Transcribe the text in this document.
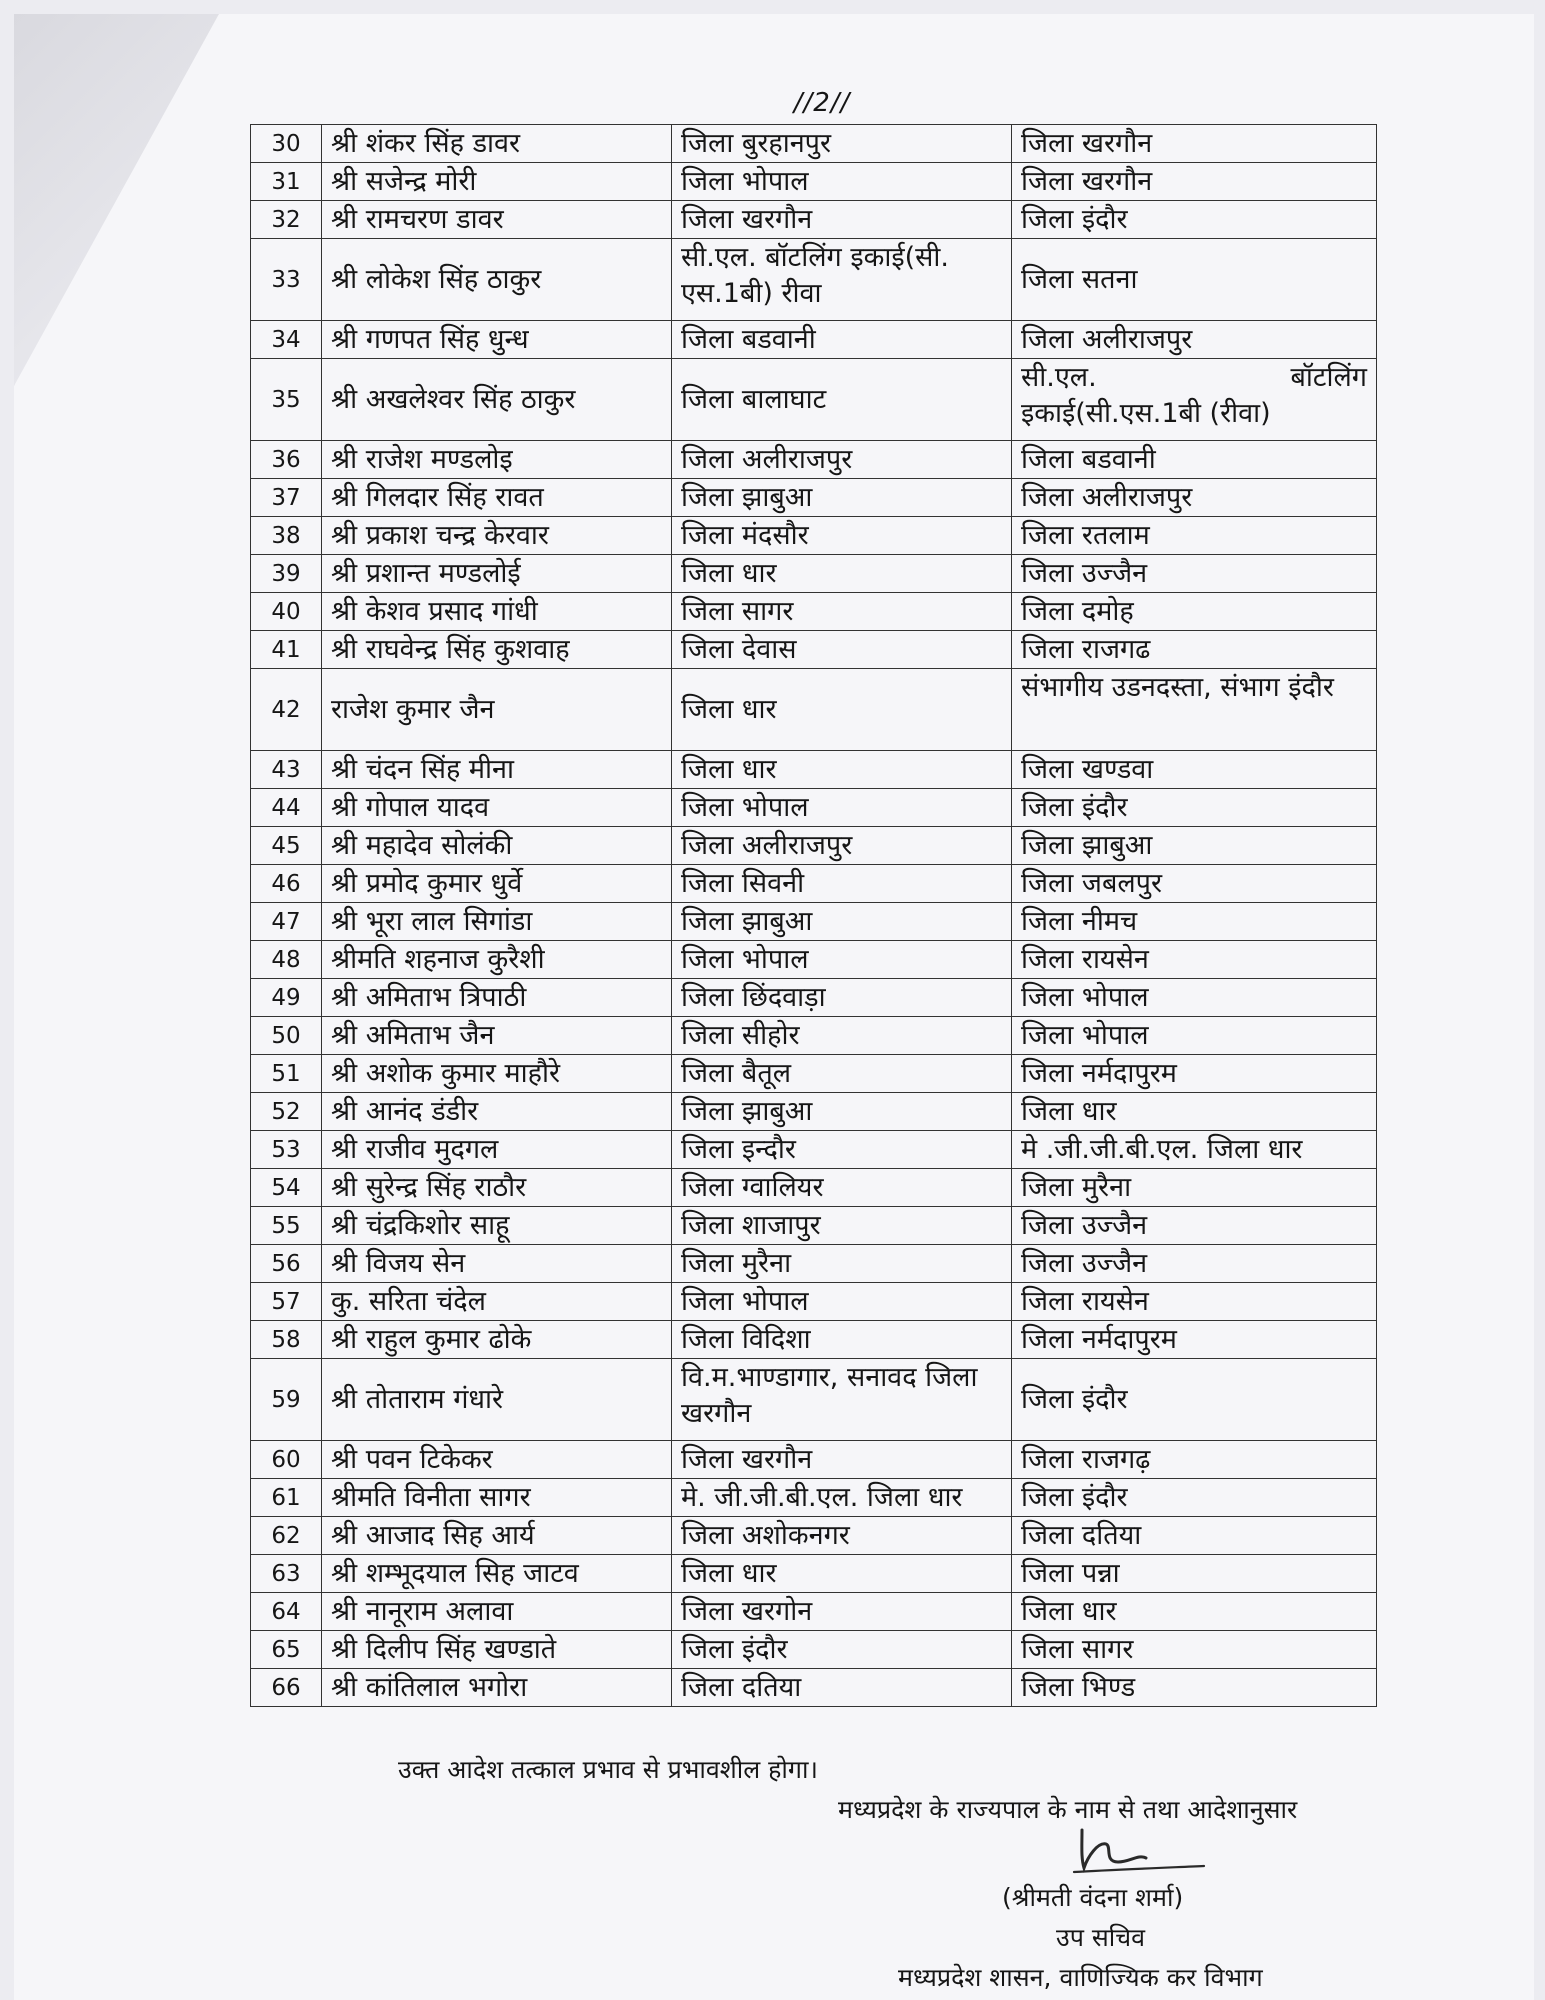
//2//
30	श्री शंकर सिंह डावर	जिला बुरहानपुर	जिला खरगौन
31	श्री सजेन्द्र मोरी	जिला भोपाल	जिला खरगौन
32	श्री रामचरण डावर	जिला खरगौन	जिला इंदौर
33	श्री लोकेश सिंह ठाकुर	सी.एल. बॉटलिंग इकाई(सी. एस.1बी) रीवा	जिला सतना
34	श्री गणपत सिंह धुन्ध	जिला बडवानी	जिला अलीराजपुर
35	श्री अखलेश्वर सिंह ठाकुर	जिला बालाघाट	सी.एल. बॉटलिंग इकाई(सी.एस.1बी (रीवा)
36	श्री राजेश मण्डलोइ	जिला अलीराजपुर	जिला बडवानी
37	श्री गिलदार सिंह रावत	जिला झाबुआ	जिला अलीराजपुर
38	श्री प्रकाश चन्द्र केरवार	जिला मंदसौर	जिला रतलाम
39	श्री प्रशान्त मण्डलोई	जिला धार	जिला उज्जैन
40	श्री केशव प्रसाद गांधी	जिला सागर	जिला दमोह
41	श्री राघवेन्द्र सिंह कुशवाह	जिला देवास	जिला राजगढ
42	राजेश कुमार जैन	जिला धार	संभागीय उडनदस्ता, संभाग इंदौर
43	श्री चंदन सिंह मीना	जिला धार	जिला खण्डवा
44	श्री गोपाल यादव	जिला भोपाल	जिला इंदौर
45	श्री महादेव सोलंकी	जिला अलीराजपुर	जिला झाबुआ
46	श्री प्रमोद कुमार धुर्वे	जिला सिवनी	जिला जबलपुर
47	श्री भूरा लाल सिगांडा	जिला झाबुआ	जिला नीमच
48	श्रीमति शहनाज कुरैशी	जिला भोपाल	जिला रायसेन
49	श्री अमिताभ त्रिपाठी	जिला छिंदवाड़ा	जिला भोपाल
50	श्री अमिताभ जैन	जिला सीहोर	जिला भोपाल
51	श्री अशोक कुमार माहौरे	जिला बैतूल	जिला नर्मदापुरम
52	श्री आनंद डंडीर	जिला झाबुआ	जिला धार
53	श्री राजीव मुदगल	जिला इन्दौर	मे .जी.जी.बी.एल. जिला धार
54	श्री सुरेन्द्र सिंह राठौर	जिला ग्वालियर	जिला मुरैना
55	श्री चंद्रकिशोर साहू	जिला शाजापुर	जिला उज्जैन
56	श्री विजय सेन	जिला मुरैना	जिला उज्जैन
57	कु. सरिता चंदेल	जिला भोपाल	जिला रायसेन
58	श्री राहुल कुमार ढोके	जिला विदिशा	जिला नर्मदापुरम
59	श्री तोताराम गंधारे	वि.म.भाण्डागार, सनावद जिला खरगौन	जिला इंदौर
60	श्री पवन टिकेकर	जिला खरगौन	जिला राजगढ़
61	श्रीमति विनीता सागर	मे. जी.जी.बी.एल. जिला धार	जिला इंदौर
62	श्री आजाद सिह आर्य	जिला अशोकनगर	जिला दतिया
63	श्री शम्भूदयाल सिह जाटव	जिला धार	जिला पन्ना
64	श्री नानूराम अलावा	जिला खरगोन	जिला धार
65	श्री दिलीप सिंह खण्डाते	जिला इंदौर	जिला सागर
66	श्री कांतिलाल भगोरा	जिला दतिया	जिला भिण्ड
उक्त आदेश तत्काल प्रभाव से प्रभावशील होगा।
मध्यप्रदेश के राज्यपाल के नाम से तथा आदेशानुसार
(श्रीमती वंदना शर्मा)
उप सचिव
मध्यप्रदेश शासन, वाणिज्यिक कर विभाग
